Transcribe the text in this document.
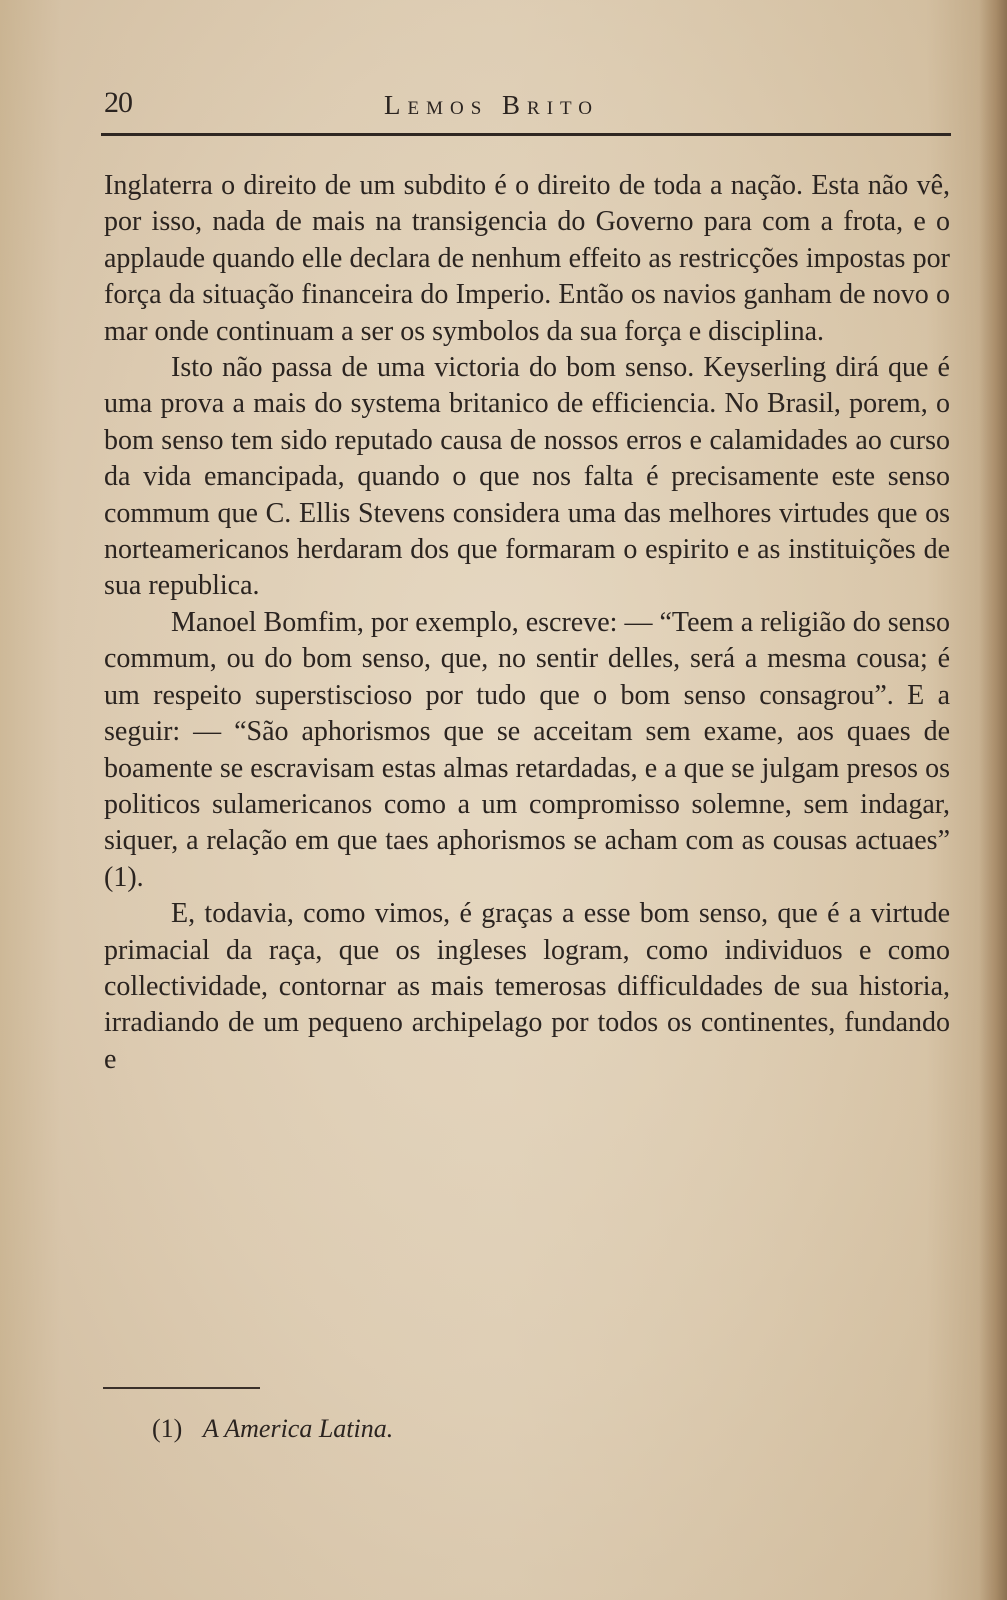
20	Lemos Brito

Inglaterra o direito de um subdito é o direito de toda a nação. Esta não vê, por isso, nada de mais na transigencia do Governo para com a frota, e o applaude quando elle declara de nenhum effeito as restricções impostas por força da situação financeira do Imperio. Então os navios ganham de novo o mar onde continuam a ser os symbolos da sua força e disciplina.

Isto não passa de uma victoria do bom senso. Keyserling dirá que é uma prova a mais do systema britanico de efficiencia. No Brasil, porem, o bom senso tem sido reputado causa de nossos erros e calamidades ao curso da vida emancipada, quando o que nos falta é precisamente este senso commum que C. Ellis Stevens considera uma das melhores virtudes que os norteamericanos herdaram dos que formaram o espirito e as instituições de sua republica.

Manoel Bomfim, por exemplo, escreve: — “Teem a religião do senso commum, ou do bom senso, que, no sentir delles, será a mesma cousa; é um respeito superstiscioso por tudo que o bom senso consagrou”. E a seguir: — “São aphorismos que se acceitam sem exame, aos quaes de boamente se escravisam estas almas retardadas, e a que se julgam presos os politicos sulamericanos como a um compromisso solemne, sem indagar, siquer, a relação em que taes aphorismos se acham com as cousas actuaes” (1).

E, todavia, como vimos, é graças a esse bom senso, que é a virtude primacial da raça, que os ingleses logram, como individuos e como collectividade, contornar as mais temerosas difficuldades de sua historia, irradiando de um pequeno archipelago por todos os continentes, fundando e

(1) A America Latina.
